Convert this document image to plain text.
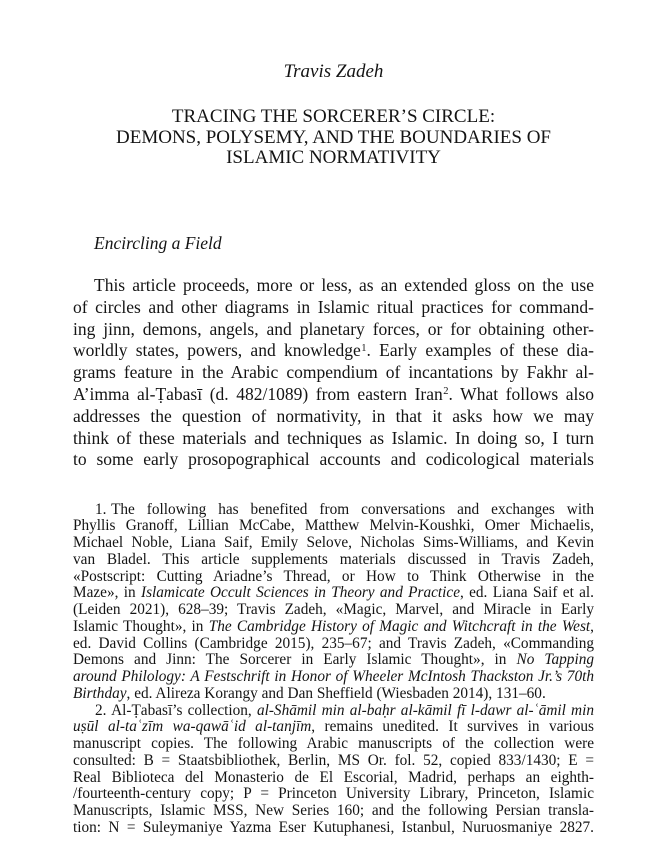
Travis Zadeh
TRACING THE SORCERER’S CIRCLE:
DEMONS, POLYSEMY, AND THE BOUNDARIES OF
ISLAMIC NORMATIVITY
Encircling a Field
This article proceeds, more or less, as an extended gloss on the use
of circles and other diagrams in Islamic ritual practices for command-
ing jinn, demons, angels, and planetary forces, or for obtaining other-
worldly states, powers, and knowledge$^1$. Early examples of these dia-
grams feature in the Arabic compendium of incantations by Fakhr al-
A’imma al-Ṭabasī (d. 482/1089) from eastern Iran$^2$. What follows also
addresses the question of normativity, in that it asks how we may
think of these materials and techniques as Islamic. In doing so, I turn
to some early prosopographical accounts and codicological materials
1. The following has benefited from conversations and exchanges with
Phyllis Granoff, Lillian McCabe, Matthew Melvin-Koushki, Omer Michaelis,
Michael Noble, Liana Saif, Emily Selove, Nicholas Sims-Williams, and Kevin
van Bladel. This article supplements materials discussed in Travis Zadeh,
«Postscript: Cutting Ariadne’s Thread, or How to Think Otherwise in the
Maze», in Islamicate Occult Sciences in Theory and Practice, ed. Liana Saif et al.
(Leiden 2021), 628–39; Travis Zadeh, «Magic, Marvel, and Miracle in Early
Islamic Thought», in The Cambridge History of Magic and Witchcraft in the West,
ed. David Collins (Cambridge 2015), 235–67; and Travis Zadeh, «Commanding
Demons and Jinn: The Sorcerer in Early Islamic Thought», in No Tapping
around Philology: A Festschrift in Honor of Wheeler McIntosh Thackston Jr.’s 70th
Birthday, ed. Alireza Korangy and Dan Sheffield (Wiesbaden 2014), 131–60.
2. Al-Ṭabasī’s collection, al-Shāmil min al-baḥr al-kāmil fī l-dawr al-ʿāmil min
uṣūl al-taʿzīm wa-qawāʿid al-tanjīm, remains unedited. It survives in various
manuscript copies. The following Arabic manuscripts of the collection were
consulted: B = Staatsbibliothek, Berlin, MS Or. fol. 52, copied 833/1430; E =
Real Biblioteca del Monasterio de El Escorial, Madrid, perhaps an eighth-
/fourteenth-century copy; P = Princeton University Library, Princeton, Islamic
Manuscripts, Islamic MSS, New Series 160; and the following Persian transla-
tion: N = Suleymaniye Yazma Eser Kutuphanesi, Istanbul, Nuruosmaniye 2827.
